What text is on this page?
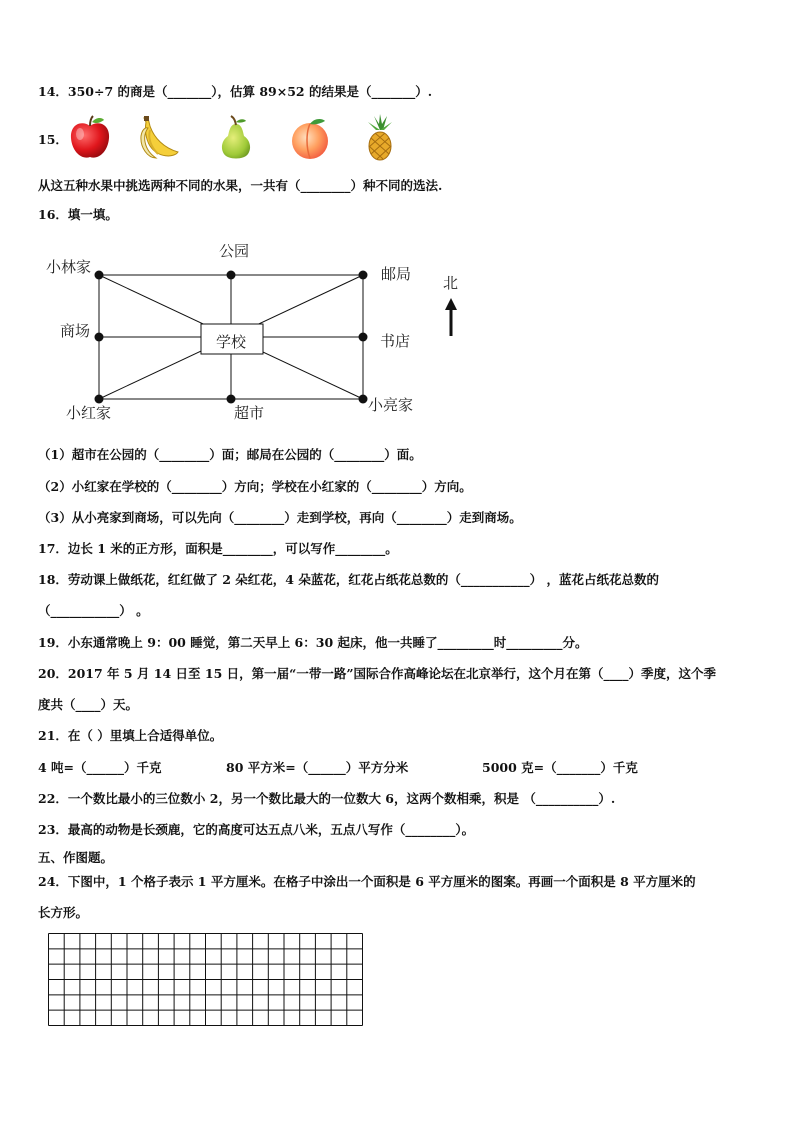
14．350÷7 的商是（_______），估算 89×52 的结果是（_______）.
15．
从这五种水果中挑选两种不同的水果，一共有（________）种不同的选法.
16．填一填。
小林家
公园
邮局
商场
学校	书店
小红家	超市	小亮家
北
（1）超市在公园的（________）面；邮局在公园的（________）面。
（2）小红家在学校的（________）方向；学校在小红家的（________）方向。
（3）从小亮家到商场，可以先向（________）走到学校，再向（________）走到商场。
17．边长 1 米的正方形，面积是________，可以写作________。
18．劳动课上做纸花，红红做了 2 朵红花，4 朵蓝花，红花占纸花总数的（___________） ，蓝花占纸花总数的
（___________） 。
19．小东通常晚上 9：00 睡觉，第二天早上 6：30 起床，他一共睡了_________时_________分。
20．2017 年 5 月 14 日至 15 日，第一届“一带一路”国际合作高峰论坛在北京举行，这个月在第（____）季度，这个季
度共（____）天。
21．在（ ）里填上合适得单位。
4 吨=（______）千克	80 平方米=（______）平方分米	5000 克=（_______）千克
22．一个数比最小的三位数小 2，另一个数比最大的一位数大 6，这两个数相乘，积是 （__________）.
23．最高的动物是长颈鹿，它的高度可达五点八米，五点八写作（________）。
五、作图题。
24．下图中，1 个格子表示 1 平方厘米。在格子中涂出一个面积是 6 平方厘米的图案。再画一个面积是 8 平方厘米的
长方形。
